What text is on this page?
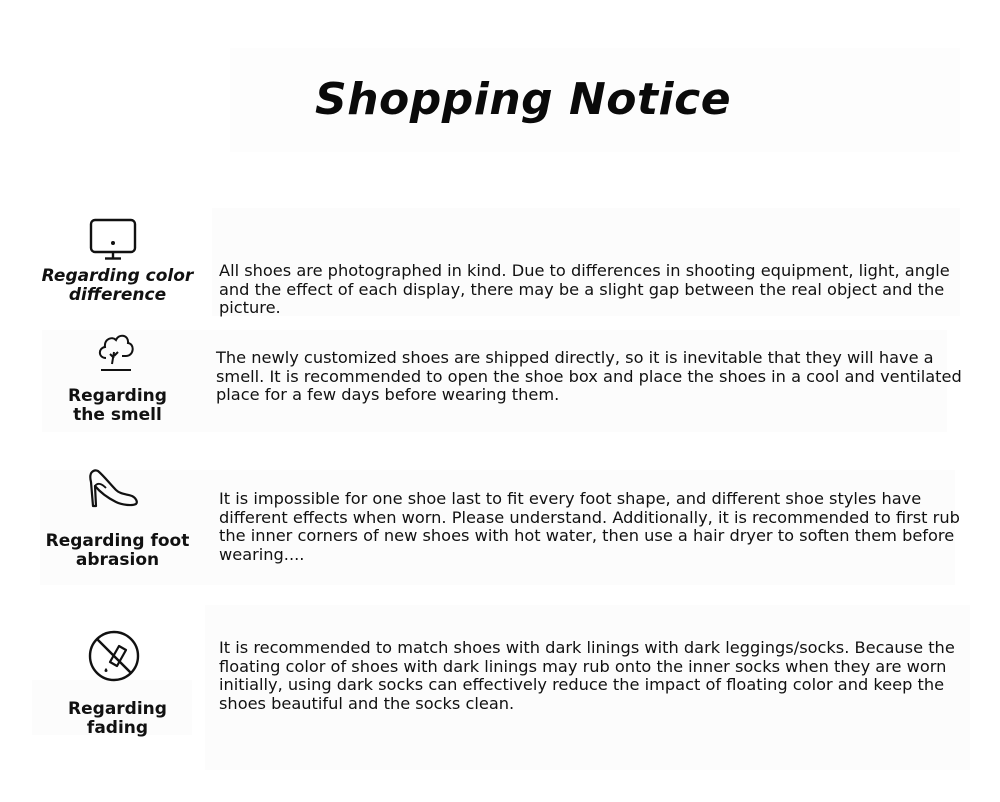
Shopping Notice
Regarding color
difference
All shoes are photographed in kind. Due to differences in shooting equipment, light, angle and the effect of each display, there may be a slight gap between the real object and the picture.
Regarding
the smell
The newly customized shoes are shipped directly, so it is inevitable that they will have a smell. It is recommended to open the shoe box and place the shoes in a cool and ventilated place for a few days before wearing them.
Regarding foot
abrasion
It is impossible for one shoe last to fit every foot shape, and different shoe styles have different effects when worn. Please understand. Additionally, it is recommended to first rub the inner corners of new shoes with hot water, then use a hair dryer to soften them before wearing....
Regarding
fading
It is recommended to match shoes with dark linings with dark leggings/socks. Because the floating color of shoes with dark linings may rub onto the inner socks when they are worn initially, using dark socks can effectively reduce the impact of floating color and keep the shoes beautiful and the socks clean.
